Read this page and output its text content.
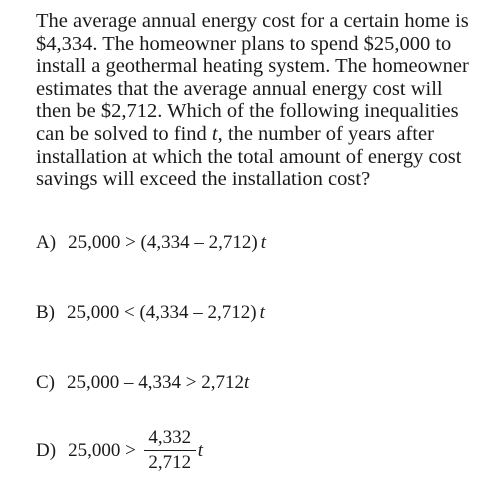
The average annual energy cost for a certain home is
$4,334. The homeowner plans to spend $25,000 to
install a geothermal heating system. The homeowner
estimates that the average annual energy cost will
then be $2,712. Which of the following inequalities
can be solved to find t, the number of years after
installation at which the total amount of energy cost
savings will exceed the installation cost?

A) 25,000 > (4,334 – 2,712) t
B) 25,000 < (4,334 – 2,712) t
C) 25,000 – 4,334 > 2,712 t
D) $25,000 > \frac{4,332}{2,712}$ t
